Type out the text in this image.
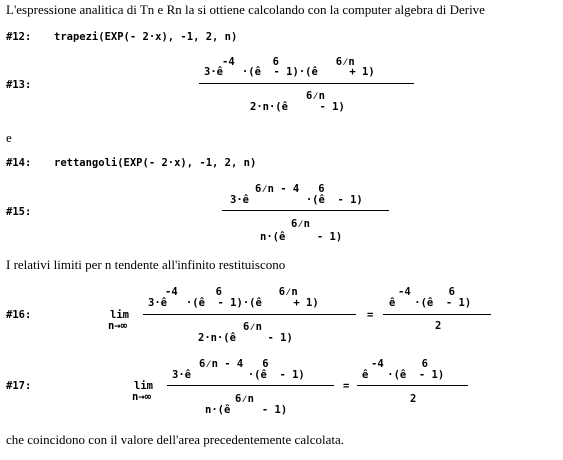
L'espressione analitica di Tn e Rn la si ottiene calcolando con la computer algebra di Derive
#12: trapezi(EXP(- 2·x), -1, 2, n)
#13:
-4      6         6⁄n
3·ê   ·(ê  - 1)·(ê     + 1)
6⁄n
2·n·(ê     - 1)
e
#14: rettangoli(EXP(- 2·x), -1, 2, n)
#15:
6⁄n - 4   6
3·ê         ·(ê  - 1)
6⁄n
n·(ê     - 1)
I relativi limiti per n tendente all'infinito restituiscono
#16:	lim
n→∞
-4      6         6⁄n
3·ê   ·(ê  - 1)·(ê     + 1)
6⁄n
2·n·(ê     - 1)
=
-4      6
ê   ·(ê  - 1)
2
#17:	lim
n→∞
6⁄n - 4   6
3·ê         ·(ê  - 1)
6⁄n
n·(ê     - 1)
=
-4      6
ê   ·(ê  - 1)
2
che coincidono con il valore dell'area precedentemente calcolata.
